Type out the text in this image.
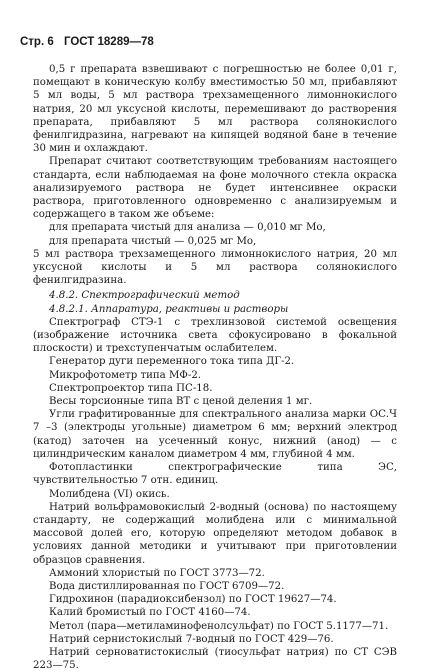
Стр. 6 ГОСТ 18289—78

0,5 г препарата взвешивают с погрешностью не более 0,01 г, помещают в коническую колбу вместимостью 50 мл, прибавляют 5 мл воды, 5 мл раствора трехзамещенного лимоннокислого натрия, 20 мл уксусной кислоты, перемешивают до растворения препарата, прибавляют 5 мл раствора солянокислого фенилгидразина, нагревают на кипящей водяной бане в течение 30 мин и охлаждают.

Препарат считают соответствующим требованиям настоящего стандарта, если наблюдаемая на фоне молочного стекла окраска анализируемого раствора не будет интенсивнее окраски раствора, приготовленного одновременно с анализируемым и содержащего в таком же объеме:

для препарата чистый для анализа — 0,010 мг Mo,

для препарата чистый — 0,025 мг Mo,

5 мл раствора трехзамещенного лимоннокислого натрия, 20 мл уксусной кислоты и 5 мл раствора солянокислого фенилгидразина.

4.8.2. Спектрографический метод

4.8.2.1. Аппаратура, реактивы и растворы

Спектрограф СТЭ-1 с трехлинзовой системой освещения (изображение источника света сфокусировано в фокальной плоскости) и трехступенчатым ослабителем.

Генератор дуги переменного тока типа ДГ-2.

Микрофотометр типа МФ-2.

Спектропроектор типа ПС-18.

Весы торсионные типа ВТ с ценой деления 1 мг.

Угли графитированные для спектрального анализа марки ОС.Ч 7 –3 (электроды угольные) диаметром 6 мм; верхний электрод (катод) заточен на усеченный конус, нижний (анод) — с цилиндрическим каналом диаметром 4 мм, глубиной 4 мм.

Фотопластинки спектрографические типа ЭС, чувствительностью 7 отн. единиц.

Молибдена (VI) окись.

Натрий вольфрамовокислый 2-водный (основа) по настоящему стандарту, не содержащий молибдена или с минимальной массовой долей его, которую определяют методом добавок в условиях данной методики и учитывают при приготовлении образцов сравнения.

Аммоний хлористый по ГОСТ 3773—72.

Вода дистиллированная по ГОСТ 6709—72.

Гидрохинон (парадиоксибензол) по ГОСТ 19627—74.

Калий бромистый по ГОСТ 4160—74.

Метол (пара—метиламинофенолсульфат) по ГОСТ 5.1177—71.

Натрий сернистокислый 7-водный по ГОСТ 429—76.

Натрий серноватистокислый (тиосульфат натрия) по СТ СЭВ 223—75.
